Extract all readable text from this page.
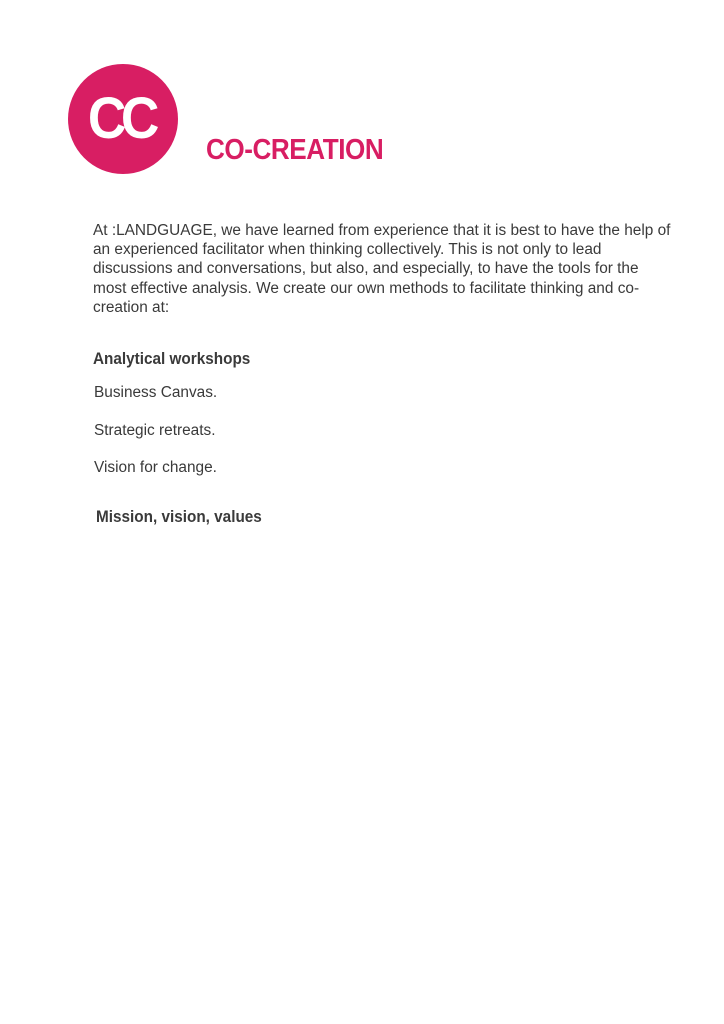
CC CO-CREATION

At :LANDGUAGE, we have learned from experience that it is best to have the help of an experienced facilitator when thinking collectively. This is not only to lead discussions and conversations, but also, and especially, to have the tools for the most effective analysis. We create our own methods to facilitate thinking and co-creation at:

Analytical workshops
Business Canvas.
Strategic retreats.
Vision for change.
Mission, vision, values
